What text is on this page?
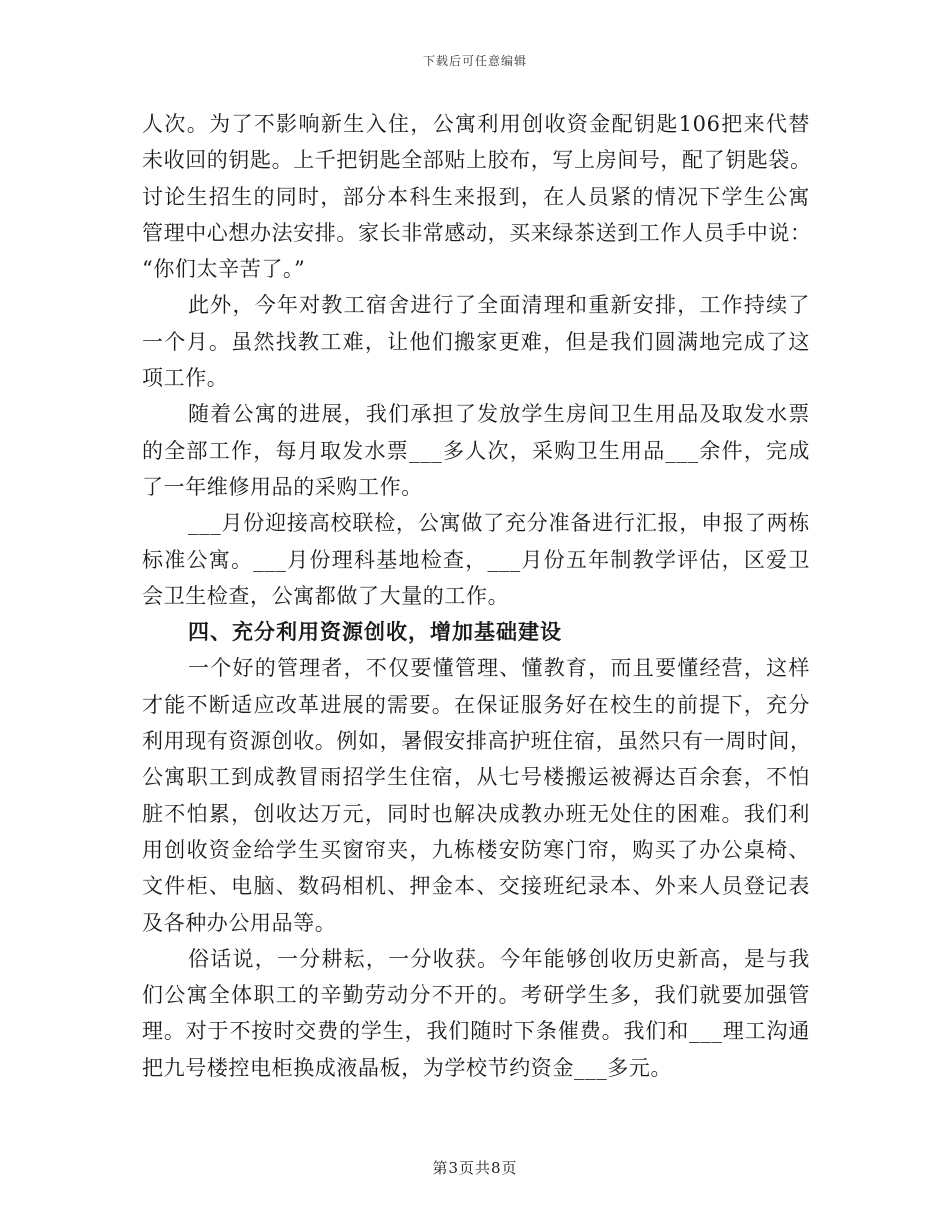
下载后可任意编辑
人次。为了不影响新生入住，公寓利用创收资金配钥匙106把来代替
未收回的钥匙。上千把钥匙全部贴上胶布，写上房间号，配了钥匙袋。
讨论生招生的同时，部分本科生来报到，在人员紧的情况下学生公寓
管理中心想办法安排。家长非常感动，买来绿茶送到工作人员手中说：
“你们太辛苦了。”
此外，今年对教工宿舍进行了全面清理和重新安排，工作持续了
一个月。虽然找教工难，让他们搬家更难，但是我们圆满地完成了这
项工作。
随着公寓的进展，我们承担了发放学生房间卫生用品及取发水票
的全部工作，每月取发水票___多人次，采购卫生用品___余件，完成
了一年维修用品的采购工作。
___月份迎接高校联检，公寓做了充分准备进行汇报，申报了两栋
标准公寓。___月份理科基地检查，___月份五年制教学评估，区爱卫
会卫生检查，公寓都做了大量的工作。
四、充分利用资源创收，增加基础建设
一个好的管理者，不仅要懂管理、懂教育，而且要懂经营，这样
才能不断适应改革进展的需要。在保证服务好在校生的前提下，充分
利用现有资源创收。例如，暑假安排高护班住宿，虽然只有一周时间，
公寓职工到成教冒雨招学生住宿，从七号楼搬运被褥达百余套，不怕
脏不怕累，创收达万元，同时也解决成教办班无处住的困难。我们利
用创收资金给学生买窗帘夹，九栋楼安防寒门帘，购买了办公桌椅、
文件柜、电脑、数码相机、押金本、交接班纪录本、外来人员登记表
及各种办公用品等。
俗话说，一分耕耘，一分收获。今年能够创收历史新高，是与我
们公寓全体职工的辛勤劳动分不开的。考研学生多，我们就要加强管
理。对于不按时交费的学生，我们随时下条催费。我们和___理工沟通
把九号楼控电柜换成液晶板，为学校节约资金___多元。
第3页共8页
